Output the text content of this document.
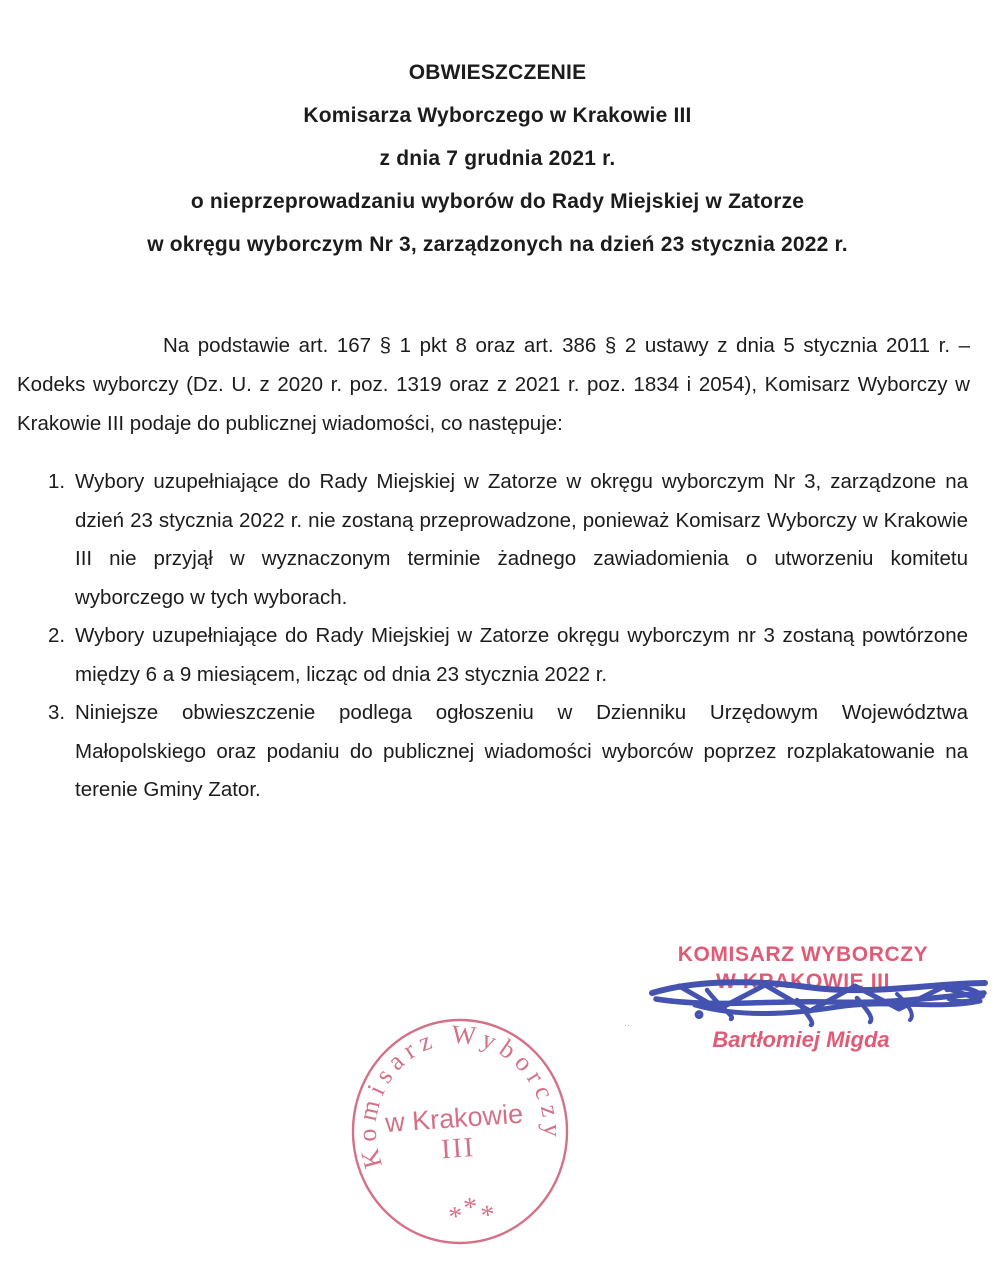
OBWIESZCZENIE
Komisarza Wyborczego w Krakowie III
z dnia 7 grudnia 2021 r.
o nieprzeprowadzaniu wyborów do Rady Miejskiej w Zatorze
w okręgu wyborczym Nr 3, zarządzonych na dzień 23 stycznia 2022 r.

Na podstawie art. 167 § 1 pkt 8 oraz art. 386 § 2 ustawy z dnia 5 stycznia 2011 r. – Kodeks wyborczy (Dz. U. z 2020 r. poz. 1319 oraz z 2021 r. poz. 1834 i 2054), Komisarz Wyborczy w Krakowie III podaje do publicznej wiadomości, co następuje:

1. Wybory uzupełniające do Rady Miejskiej w Zatorze w okręgu wyborczym Nr 3, zarządzone na dzień 23 stycznia 2022 r. nie zostaną przeprowadzone, ponieważ Komisarz Wyborczy w Krakowie III nie przyjął w wyznaczonym terminie żadnego zawiadomienia o utworzeniu komitetu wyborczego w tych wyborach.
2. Wybory uzupełniające do Rady Miejskiej w Zatorze okręgu wyborczym nr 3 zostaną powtórzone między 6 a 9 miesiącem, licząc od dnia 23 stycznia 2022 r.
3. Niniejsze obwieszczenie podlega ogłoszeniu w Dzienniku Urzędowym Województwa Małopolskiego oraz podaniu do publicznej wiadomości wyborców poprzez rozplakatowanie na terenie Gminy Zator.
KOMISARZ WYBORCZY
W KRAKOWIE III
Bartłomiej Migda
Komisarz Wyborczy
*
* *
w Krakowie
III
··
